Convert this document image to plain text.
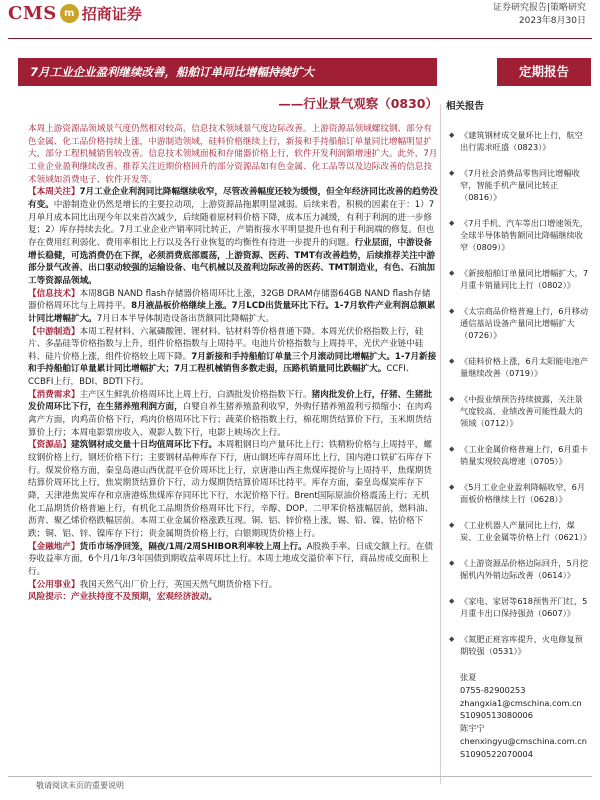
CMS m 招商证券	证券研究报告|策略研究
2023年8月30日
7月工业企业盈利继续改善，船舶订单同比增幅持续扩大	定期报告
——行业景气观察（0830）

本周上游资源品领域景气度仍然相对较高，信息技术领域景气度边际改善。上游资源品领域螺纹钢、部分有色金属、化工品价格持续上涨，中游制造领域，硅料价格继续上行，新接和手持船舶订单量同比增幅明显扩大，部分工程机械销售较改善。信息技术领域面板和存储器价格上行，软件开发利润额增速扩大。此外，7月工业企业盈利继续改善。推荐关注近期价格回升的部分资源品如有色金属、化工品等以及边际改善的信息技术领域如消费电子、软件开发等。

【本周关注】7月工业企业利润同比降幅继续收窄，尽管改善幅度还较为缓慢，但全年经济同比改善的趋势没有变。中游制造业仍然是增长的主要拉动项，上游资源品拖累明显减弱。后续来看，积极的因素在于：1）7月单月成本同比出现今年以来首次减少，后续随着原材料价格下降，成本压力减缓，有利于利润的进一步修复；2）库存持续去化。7月工业企业产销率同比转正，产销衔接水平明显提升也有利于利润端的修复。但也存在费用红利弱化、费用率相比上行以及各行业恢复的均衡性有待进一步提升的问题。行业层面，中游设备增长稳健，可选消费仍在下探，必须消费底部震荡，上游资源、医药、TMT有改善趋势，后续推荐关注中游部分景气改善、出口驱动较强的运输设备、电气机械以及盈利边际改善的医药、TMT制造业，有色、石油加工等资源品领域。

【信息技术】本周8GB NAND flash存储器价格周环比上涨，32GB DRAM存储器64GB NAND flash存储器价格周环比与上周持平。8月液晶板价格继续上涨。7月LCD出货量环比下行。1-7月软件产业利润总额累计同比增幅扩大。7月日本半导体制造设备出货额同比降幅扩大。

【中游制造】本周工程材料、六氟磷酸锂、锂材料、钴材料等价格普通下降。本周光伏价格指数上行，硅片、多晶硅等价格指数与上升，组件价格指数与上周持平。电池片价格指数与上周持平，光伏产业链中硅料、硅片价格上涨，组件价格较上周下降。7月新接和手持船舶订单量三个月滚动同比增幅扩大。1-7月新接和手持船舶订单量累计同比增幅扩大；7月工程机械销售多数走弱，压路机销量同比跌幅扩大。CCFI、CCBFI上行，BDI、BDTI下行。

【消费需求】主产区生鲜乳价格周环比上周上行，白酒批发价格指数下行。猪肉批发价上行，仔猪、生猪批发价周环比下行，在生猪养殖利润方面，白婴自养生猪养殖盈利收窄，外购仔猪养殖盈利亏损缩小；在肉鸡禽产方面，肉鸡苗价格下行，鸡肉价格周环比下行；蔬菜价格指数上行，棉花期货结算价下行，玉米期货结算价上行；本周电影票房收入、观影人数下行，电影上映场次上行。

【资源品】建筑钢材成交量十日均值周环比下行。本周粗钢日均产量环比上行；铁精粉价格与上周持平，螺纹钢价格上行，钢坯价格下行；主要钢材品种库存下行，唐山钢坯库存周环比上行，国内港口铁矿石库存下行。煤炭价格方面，秦皇岛港山西优混平仓价周环比上行，京唐港山西主焦煤库提价与上周持平，焦煤期货结算价周环比上行，焦炭期货结算价下行，动力煤期货结算价周环比持平。库存方面，秦皇岛煤炭库存下降，天津港焦炭库存和京唐港炼焦煤库存同环比下行，水泥价格下行。Brent国际原油价格震荡上行；无机化工品期货价格普遍上行，有机化工品期货价格周环比下行，辛醇、DOP、二甲苯价格涨幅居前，燃料油、沥青、聚乙烯价格跌幅居前。本周工业金属价格涨跌互现。铜、铝、锌价格上涨，锡、铅、镍、钴价格下跌；铜、铝、锌、镍库存下行；贵金属期货价格上行，白银期现货价格上行。

【金融地产】货币市场净回笼，隔夜/1周/2周SHIBOR利率较上周上行。A股换手率、日成交额上行。在债券收益率方面，6个月/1年/3年国债到期收益率周环比上行。本周土地成交溢价率下行，商品房成交面积上行。

【公用事业】我国天然气出厂价上行，英国天然气期货价格下行。

风险提示：产业扶持度不及预期，宏观经济波动。

相关报告
◆ 《建筑钢材成交量环比上行，航空出行需求旺盛（0823）》
◆ 《7月社会消费品零售同比增幅收窄，智能手机产量同比转正（0816）》
◆ 《7月手机、汽车等出口增速领先，全球半导体销售额同比降幅继续收窄（0809）》
◆ 《新接船舶订单量同比增幅扩大，7月重卡销量同比上行（0802）》
◆ 《太宗商品价格普遍上行，6月移动通信基站设备产量同比增幅扩大（0726）》
◆ 《硅料价格上涨，6月太阳能电池产量继续改善（0719）》
◆ 《中报业绩预告持续披露，关注景气度较高、业绩改善可能性最大的领域（0712）》
◆ 《工业金属价格普遍上行，6月重卡销量实现较高增速（0705）》
◆ 《5月工业企业盈利降幅收窄，6月面板价格继续上行（0628）》
◆ 《工业机器人产量同比上行，煤炭、工业金属等价格上行（0621）》
◆ 《上游资源品价格边际回升，5月挖掘机内外销边际改善（0614）》
◆ 《家电、家居等618预售开门红，5月重卡出口保持强劲（0607）》
◆ 《氮肥正班容库提升，火电修复预期较强（0531）》
张夏
0755-82900253
zhangxia1@cmschina.com.cn
S1090513080006
陈宇宁
chenxingyu@cmschina.com.cn
S1090522070004
敬请阅读末页的重要说明
